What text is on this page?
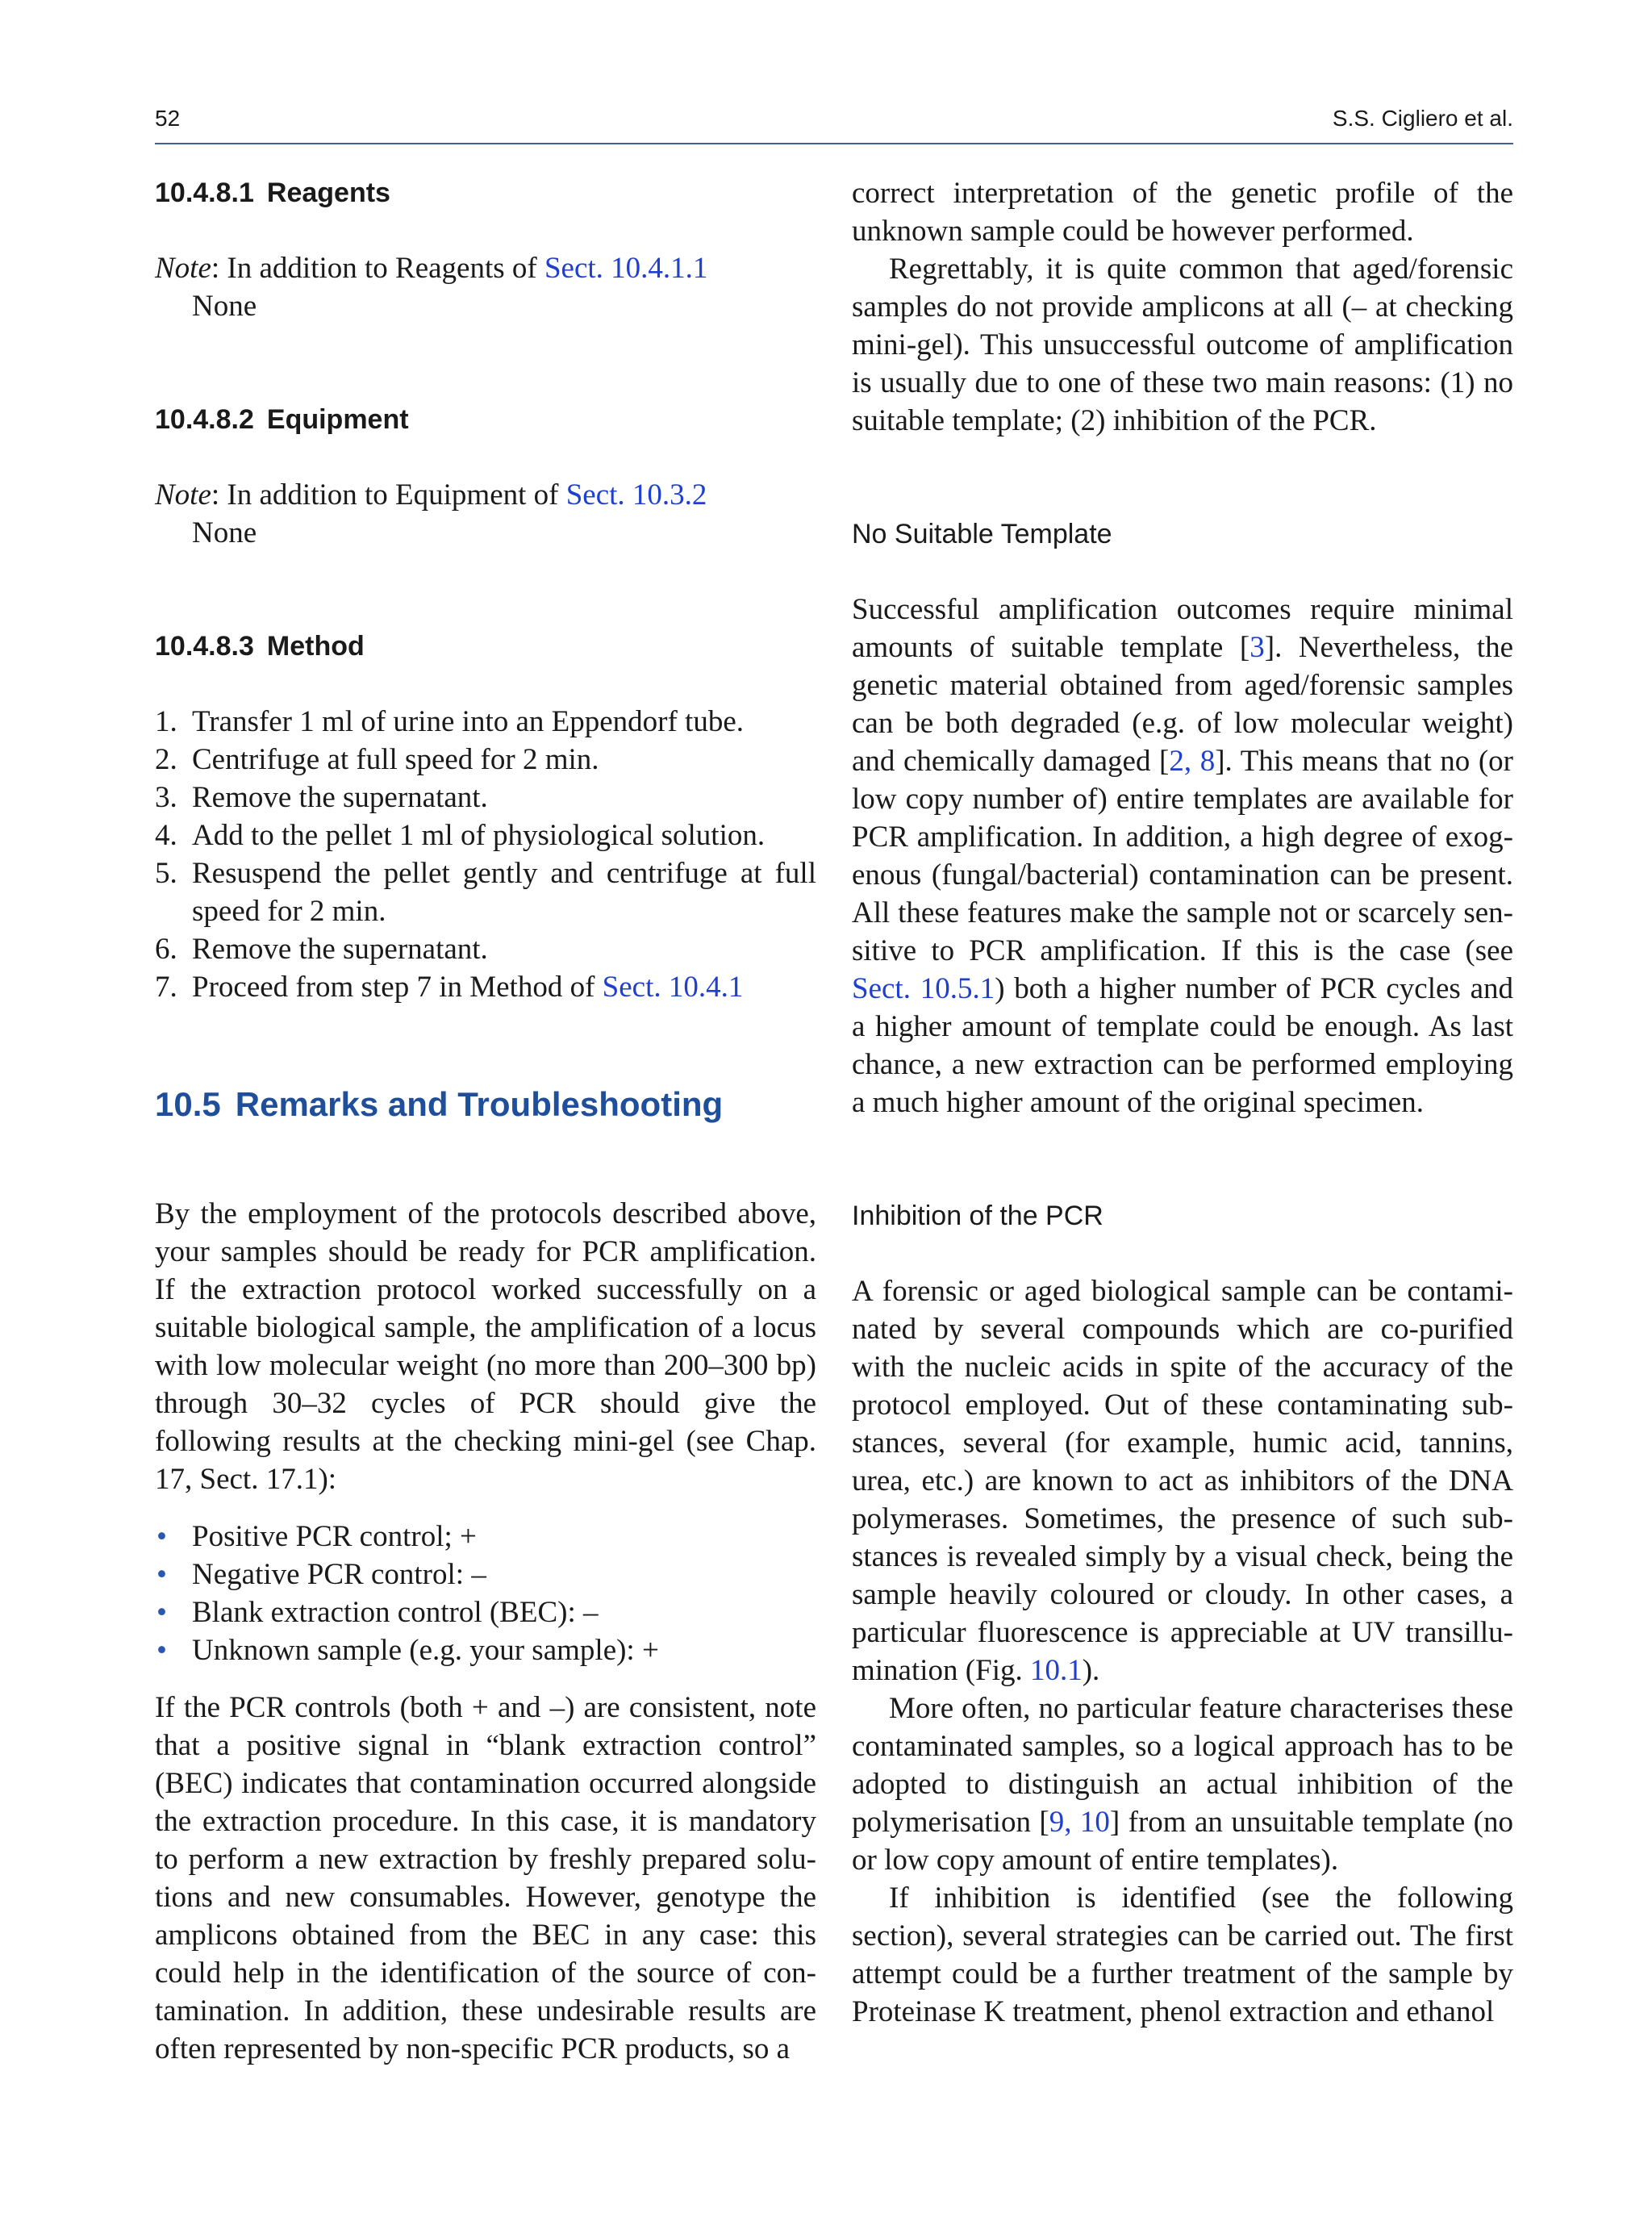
52	S.S. Cigliero et al.
10.4.8.1 Reagents

Note: In addition to Reagents of Sect. 10.4.1.1

None

10.4.8.2 Equipment

Note: In addition to Equipment of Sect. 10.3.2

None

10.4.8.3 Method
1. Transfer 1 ml of urine into an Eppendorf tube.
2. Centrifuge at full speed for 2 min.
3. Remove the supernatant.
4. Add to the pellet 1 ml of physiological solution.
5. Resuspend the pellet gently and centrifuge at full speed for 2 min.
6. Remove the supernatant.
7. Proceed from step 7 in Method of Sect. 10.4.1
10.5 Remarks and Troubleshooting

By the employment of the protocols described above, your samples should be ready for PCR amplification. If the extraction protocol worked successfully on a suitable biological sample, the amplification of a locus with low molecular weight (no more than 200–300 bp) through 30–32 cycles of PCR should give the following results at the checking mini-gel (see Chap. 17, Sect. 17.1):

• Positive PCR control; +
• Negative PCR control: –
• Blank extraction control (BEC): –
• Unknown sample (e.g. your sample): +

If the PCR controls (both + and –) are consistent, note that a positive signal in “blank extraction control” (BEC) indicates that contamination occurred alongside the extraction procedure. In this case, it is mandatory to perform a new extraction by freshly prepared solutions and new consumables. However, genotype the amplicons obtained from the BEC in any case: this could help in the identification of the source of contamination. In addition, these undesirable results are often represented by non-specific PCR products, so a

correct interpretation of the genetic profile of the unknown sample could be however performed.

Regrettably, it is quite common that aged/forensic samples do not provide amplicons at all (– at checking mini-gel). This unsuccessful outcome of amplification is usually due to one of these two main reasons: (1) no suitable template; (2) inhibition of the PCR.

No Suitable Template

Successful amplification outcomes require minimal amounts of suitable template [3]. Nevertheless, the genetic material obtained from aged/forensic samples can be both degraded (e.g. of low molecular weight) and chemically damaged [2, 8]. This means that no (or low copy number of) entire templates are available for PCR amplification. In addition, a high degree of exogenous (fungal/bacterial) contamination can be present. All these features make the sample not or scarcely sensitive to PCR amplification. If this is the case (see Sect. 10.5.1) both a higher number of PCR cycles and a higher amount of template could be enough. As last chance, a new extraction can be performed employing a much higher amount of the original specimen.

Inhibition of the PCR

A forensic or aged biological sample can be contaminated by several compounds which are co-purified with the nucleic acids in spite of the accuracy of the protocol employed. Out of these contaminating substances, several (for example, humic acid, tannins, urea, etc.) are known to act as inhibitors of the DNA polymerases. Sometimes, the presence of such substances is revealed simply by a visual check, being the sample heavily coloured or cloudy. In other cases, a particular fluorescence is appreciable at UV transillumination (Fig. 10.1).

More often, no particular feature characterises these contaminated samples, so a logical approach has to be adopted to distinguish an actual inhibition of the polymerisation [9, 10] from an unsuitable template (no or low copy amount of entire templates).

If inhibition is identified (see the following section), several strategies can be carried out. The first attempt could be a further treatment of the sample by Proteinase K treatment, phenol extraction and ethanol
